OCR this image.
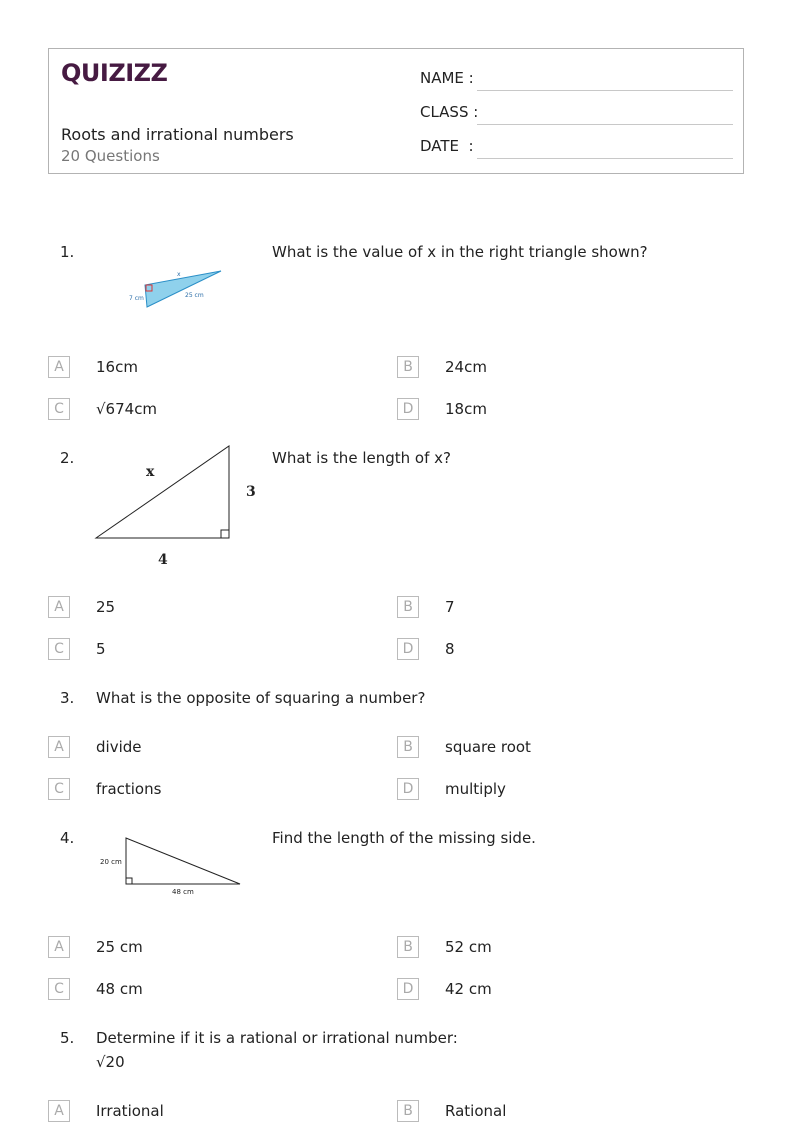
QUIZIZZ
Roots and irrational numbers
20 Questions
NAME :
CLASS :
DATE  :
1.
x
7 cm	25 cm
What is the value of x in the right triangle shown?
A	16cm	B	24cm
C	√674cm	D	18cm
2.
x
3
4
What is the length of x?
A	25	B	7
C	5	D	8
3. What is the opposite of squaring a number?
A	divide	B	square root
C	fractions	D	multiply
4.
20 cm
48 cm
Find the length of the missing side.
A	25 cm	B	52 cm
C	48 cm	D	42 cm
5. Determine if it is a rational or irrational number:
√20
A	Irrational	B	Rational
